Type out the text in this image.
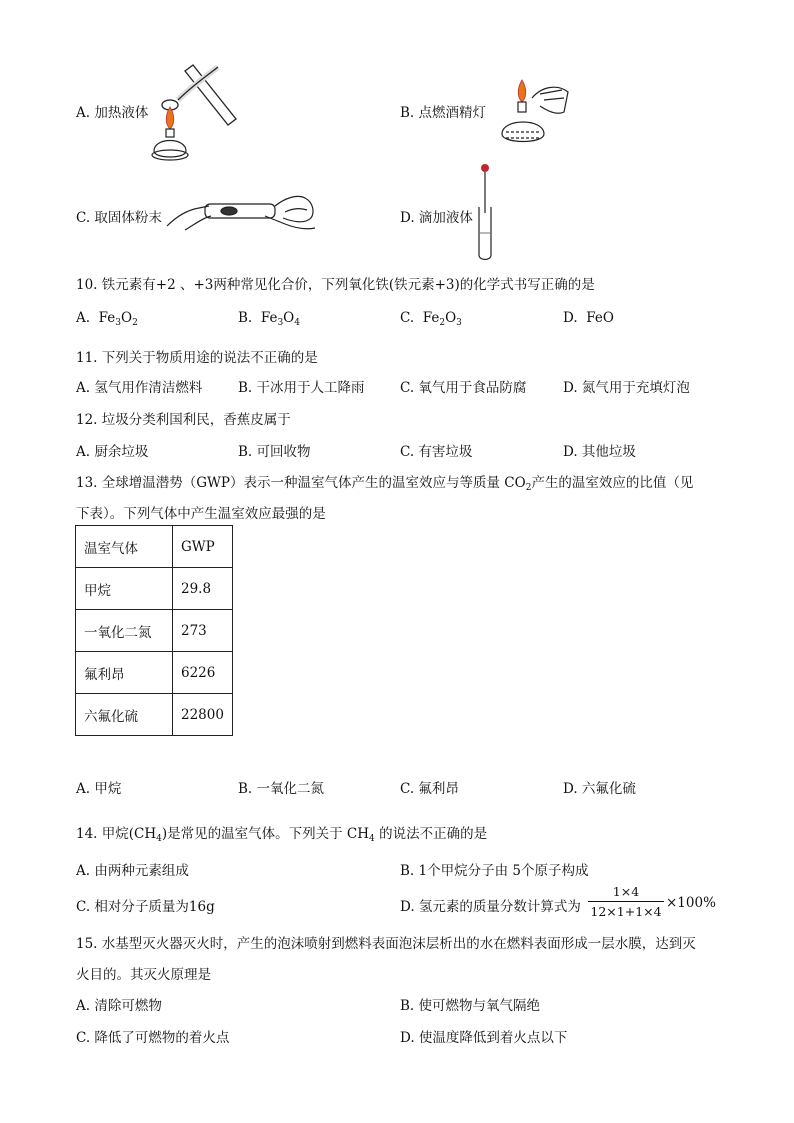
A. 加热液体	B. 点燃酒精灯
C. 取固体粉末	D. 滴加液体
10. 铁元素有+2 、+3两种常见化合价，下列氧化铁(铁元素+3)的化学式书写正确的是
A. $Fe_3O_2$	B. $Fe_3O_4$	C. $Fe_2O_3$	D. FeO
11. 下列关于物质用途的说法不正确的是
A. 氢气用作清洁燃料	B. 干冰用于人工降雨	C. 氧气用于食品防腐	D. 氮气用于充填灯泡
12. 垃圾分类利国利民，香蕉皮属于
A. 厨余垃圾	B. 可回收物	C. 有害垃圾	D. 其他垃圾
13. 全球增温潜势（GWP）表示一种温室气体产生的温室效应与等质量 $CO_2$产生的温室效应的比值（见
下表）。下列气体中产生温室效应最强的是
温室气体	GWP
甲烷	29.8
一氧化二氮	273
氟利昂	6226
六氟化硫	22800
A. 甲烷	B. 一氧化二氮	C. 氟利昂	D. 六氟化硫
14. 甲烷$(CH_4)$是常见的温室气体。下列关于 $CH_4$ 的说法不正确的是
A. 由两种元素组成	B. 1个甲烷分子由 5个原子构成
C. 相对分子质量为16g	D. 氢元素的质量分数计算式为
1×4
12×1+1×4
×100%
15. 水基型灭火器灭火时，产生的泡沫喷射到燃料表面泡沫层析出的水在燃料表面形成一层水膜，达到灭
火目的。其灭火原理是
A. 清除可燃物	B. 使可燃物与氧气隔绝
C. 降低了可燃物的着火点	D. 使温度降低到着火点以下
